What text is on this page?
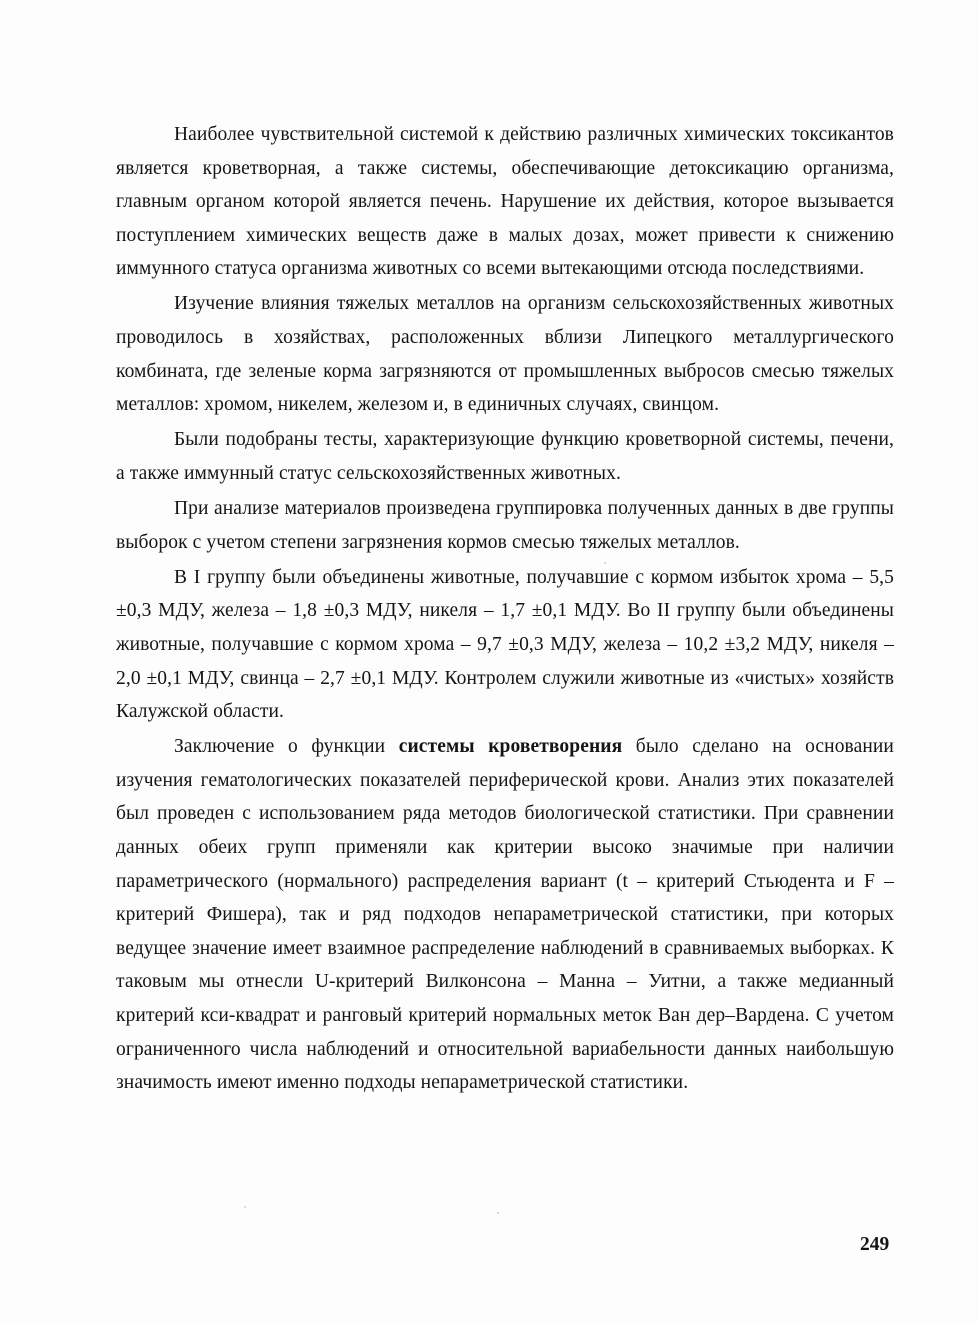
Наиболее чувствительной системой к действию различных химических токсикантов является кроветворная, а также системы, обеспечивающие детоксикацию организма, главным органом которой является печень. Нарушение их действия, которое вызывается поступлением химических веществ даже в малых дозах, может привести к снижению иммунного статуса организма животных со всеми вытекающими отсюда последствиями.

Изучение влияния тяжелых металлов на организм сельскохозяйственных животных проводилось в хозяйствах, расположенных вблизи Липецкого металлургического комбината, где зеленые корма загрязняются от промышленных выбросов смесью тяжелых металлов: хромом, никелем, железом и, в единичных случаях, свинцом.

Были подобраны тесты, характеризующие функцию кроветворной системы, печени, а также иммунный статус сельскохозяйственных животных.

При анализе материалов произведена группировка полученных данных в две группы выборок с учетом степени загрязнения кормов смесью тяжелых металлов.

В I группу были объединены животные, получавшие с кормом избыток хрома – 5,5 ±0,3 МДУ, железа – 1,8 ±0,3 МДУ, никеля – 1,7 ±0,1 МДУ. Во II группу были объединены животные, получавшие с кормом хрома – 9,7 ±0,3 МДУ, железа – 10,2 ±3,2 МДУ, никеля – 2,0 ±0,1 МДУ, свинца – 2,7 ±0,1 МДУ. Контролем служили животные из «чистых» хозяйств Калужской области.

Заключение о функции системы кроветворения было сделано на основании изучения гематологических показателей периферической крови. Анализ этих показателей был проведен с использованием ряда методов биологической статистики. При сравнении данных обеих групп применяли как критерии высоко значимые при наличии параметрического (нормального) распределения вариант (t – критерий Стьюдента и F – критерий Фишера), так и ряд подходов непараметрической статистики, при которых ведущее значение имеет взаимное распределение наблюдений в сравниваемых выборках. К таковым мы отнесли U-критерий Вилконсона – Манна – Уитни, а также медианный критерий кси-квадрат и ранговый критерий нормальных меток Ван дер–Вардена. С учетом ограниченного числа наблюдений и относительной вариабельности данных наибольшую значимость имеют именно подходы непараметрической статистики.

249
